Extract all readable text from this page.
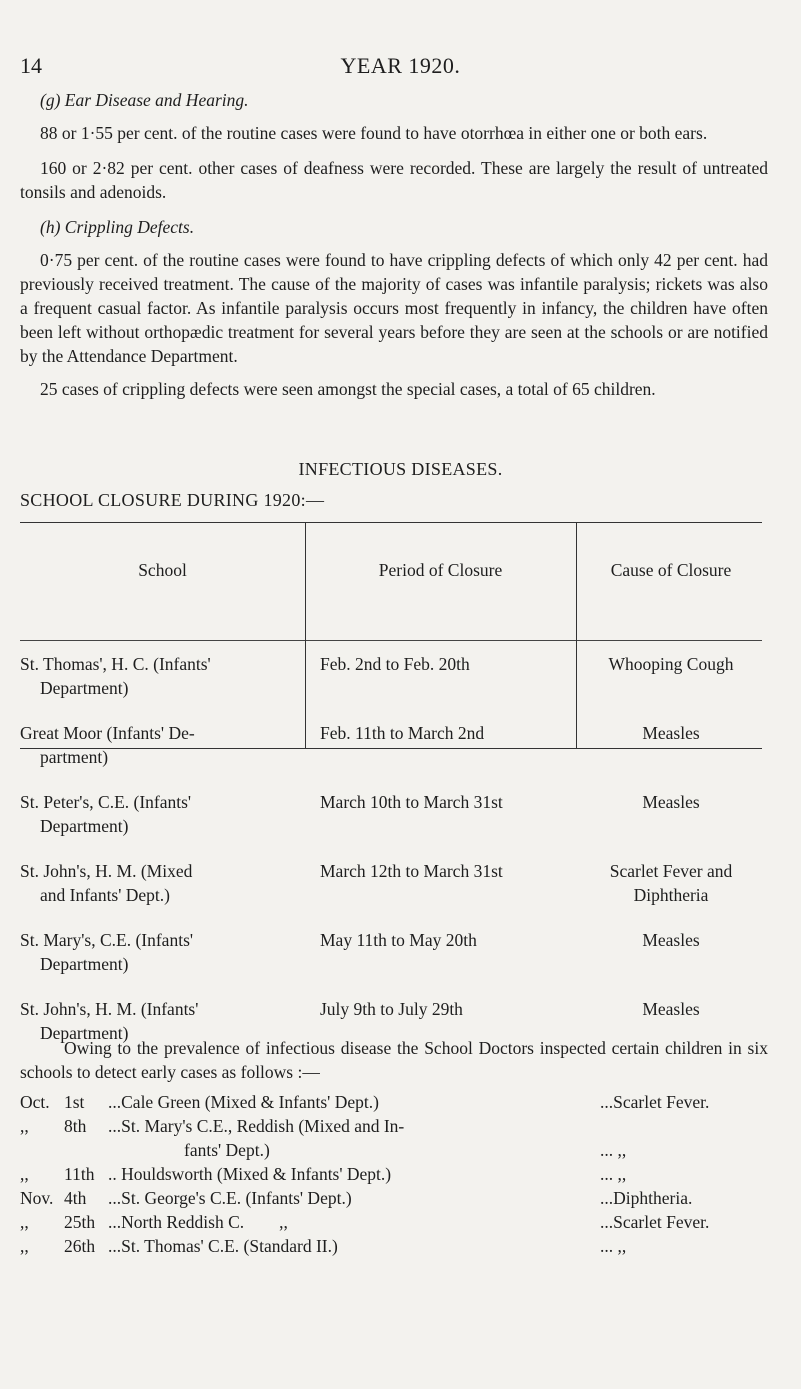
14	YEAR 1920.

(g) Ear Disease and Hearing.

88 or 1·55 per cent. of the routine cases were found to have otorrhœa in either one or both ears.

160 or 2·82 per cent. other cases of deafness were recorded. These are largely the result of untreated tonsils and adenoids.

(h) Crippling Defects.

0·75 per cent. of the routine cases were found to have crippling defects of which only 42 per cent. had previously received treatment. The cause of the majority of cases was infantile paralysis; rickets was also a frequent casual factor. As infantile paralysis occurs most frequently in infancy, the children have often been left without orthopædic treatment for several years before they are seen at the schools or are notified by the Attendance Department.

25 cases of crippling defects were seen amongst the special cases, a total of 65 children.

INFECTIOUS DISEASES.
SCHOOL CLOSURE DURING 1920:—
School	Period of Closure	Cause of Closure
St. Thomas', H. C. (Infants'
Department)
Feb. 2nd to Feb. 20th	Whooping Cough
Great Moor (Infants' De-
partment)
Feb. 11th to March 2nd	Measles
St. Peter's, C.E. (Infants'
Department)
March 10th to March 31st	Measles
St. John's, H. M. (Mixed
and Infants' Dept.)
March 12th to March 31st	Scarlet Fever and
Diphtheria
St. Mary's, C.E. (Infants'
Department)
May 11th to May 20th	Measles
St. John's, H. M. (Infants'
Department)
July 9th to July 29th	Measles

Owing to the prevalence of infectious disease the School Doctors inspected certain children in six schools to detect early cases as follows :—

Oct. 1st	...Cale Green (Mixed & Infants' Dept.)	...Scarlet Fever.
,, 8th	...St. Mary's C.E., Reddish (Mixed and In-
fants' Dept.)	... ,,
,, 11th .. Houldsworth (Mixed & Infants' Dept.)	... ,,
Nov. 4th	...St. George's C.E. (Infants' Dept.)	...Diphtheria.
,, 25th ...North Reddish C.        ,,	...Scarlet Fever.
,, 26th ...St. Thomas' C.E. (Standard II.)	... ,,
